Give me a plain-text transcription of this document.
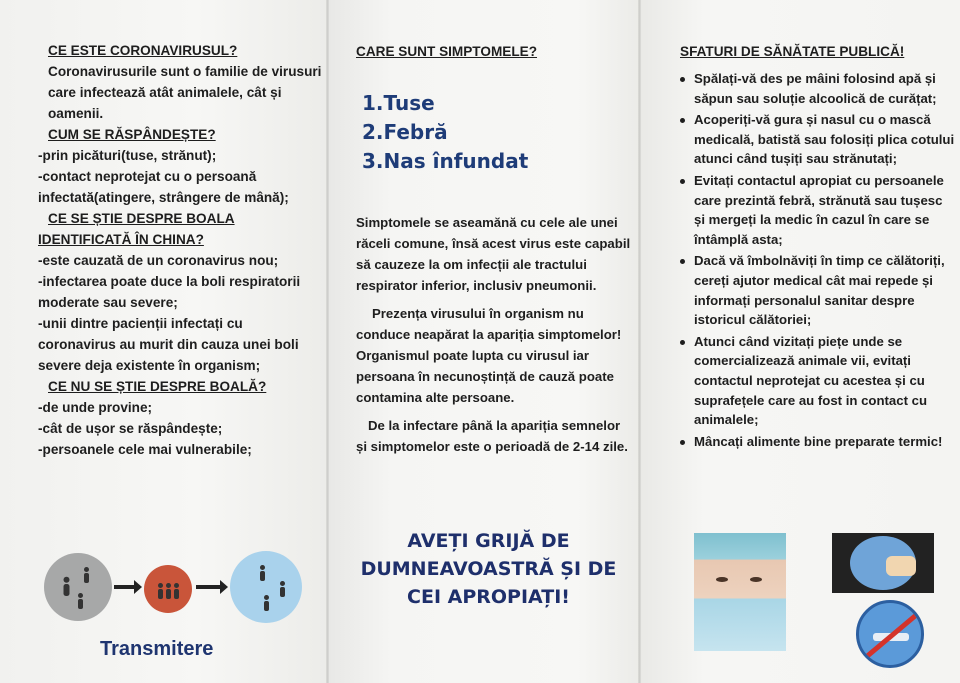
CE ESTE CORONAVIRUSUL?

Coronavirusurile sunt o familie de virusuri care infectează atât animalele, cât și oamenii.

CUM SE RĂSPÂNDEȘTE?

-prin picături(tuse, strănut);

-contact neprotejat cu o persoană infectată(atingere, strângere de mână);

CE SE ȘTIE DESPRE BOALA IDENTIFICATĂ ÎN CHINA?

-este cauzată de un coronavirus nou;

-infectarea poate duce la boli respiratorii moderate sau severe;

-unii dintre pacienții infectați cu coronavirus au murit din cauza unei boli severe deja existente în organism;

CE NU SE ȘTIE DESPRE BOALĂ?

-de unde provine;

-cât de ușor se răspândește;

-persoanele cele mai vulnerabile;

Transmitere

CARE SUNT SIMPTOMELE?

1.Tuse
2.Febră
3.Nas înfundat

Simptomele se aseamănă cu cele ale unei răceli comune, însă acest virus este capabil să cauzeze la om infecții ale tractului respirator inferior, inclusiv pneumonii.

Prezența virusului în organism nu conduce neapărat la apariția simptomelor! Organismul poate lupta cu virusul iar persoana în necunoștință de cauză poate contamina alte persoane.

De la infectare până la apariția semnelor și simptomelor este o perioadă de 2-14 zile.

AVEȚI GRIJĂ DE DUMNEAVOASTRĂ ȘI DE CEI APROPIAȚI!

SFATURI DE SĂNĂTATE PUBLICĂ!

Spălați-vă des pe mâini folosind apă și săpun sau soluție alcoolică de curățat;
Acoperiți-vă gura și nasul cu o mască medicală, batistă sau folosiți plica cotului atunci când tușiți sau strănutați;
Evitați contactul apropiat cu persoanele care prezintă febră, strănută sau tușesc și mergeți la medic în cazul în care se întâmplă asta;
Dacă vă îmbolnăviți în timp ce călătoriți, cereți ajutor medical cât mai repede și informați personalul sanitar despre istoricul călătoriei;
Atunci când vizitați piețe unde se comercializează animale vii, evitați contactul neprotejat cu acestea și cu suprafețele care au fost in contact cu animalele;
Mâncați alimente bine preparate termic!
